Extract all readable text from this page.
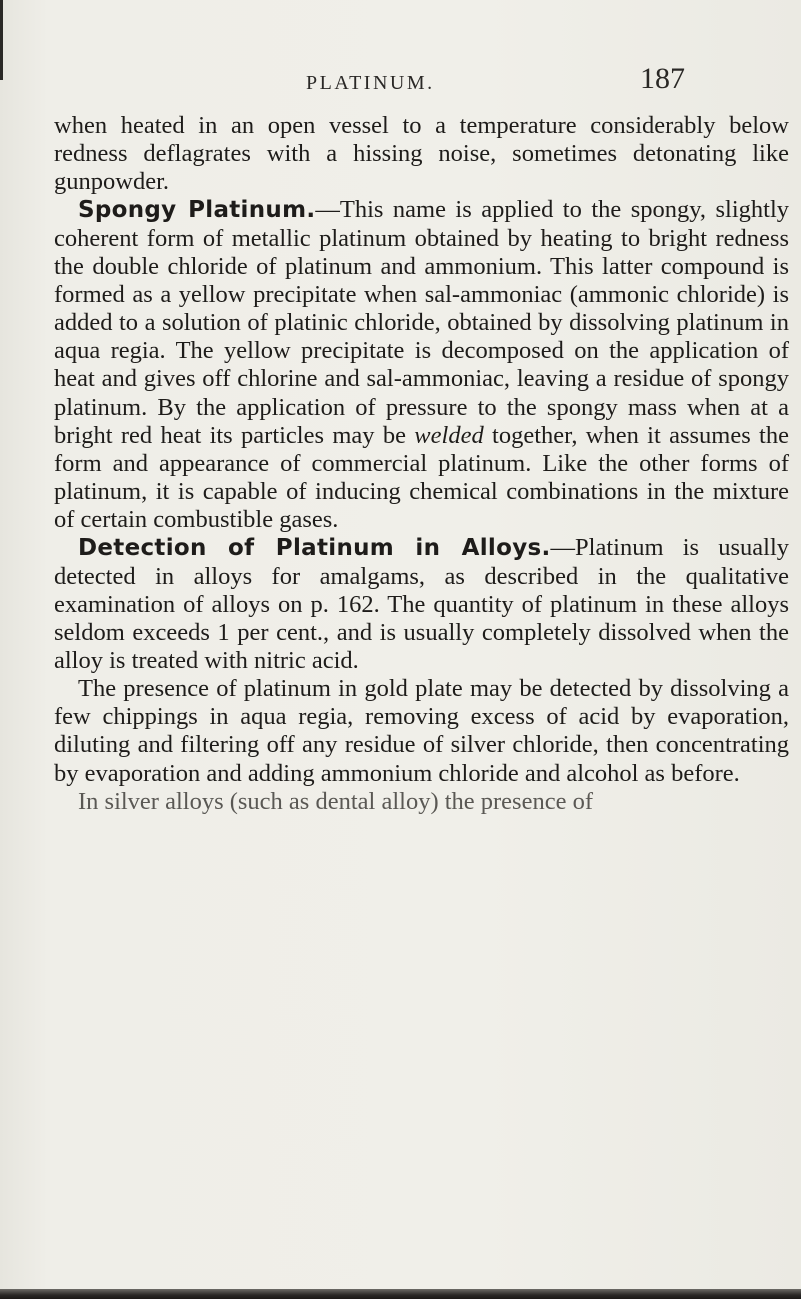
PLATINUM.	187

when heated in an open vessel to a temperature considerably below redness deflagrates with a hissing noise, sometimes detonating like gunpowder.

Spongy Platinum.—This name is applied to the spongy, slightly coherent form of metallic platinum obtained by heating to bright redness the double chloride of platinum and ammonium. This latter compound is formed as a yellow precipitate when sal-ammoniac (ammonic chloride) is added to a solution of platinic chloride, obtained by dissolving platinum in aqua regia. The yellow precipitate is decomposed on the application of heat and gives off chlorine and sal-ammoniac, leaving a residue of spongy platinum. By the application of pressure to the spongy mass when at a bright red heat its particles may be welded together, when it assumes the form and appearance of commercial platinum. Like the other forms of platinum, it is capable of inducing chemical combinations in the mixture of certain combustible gases.

Detection of Platinum in Alloys.—Platinum is usually detected in alloys for amalgams, as described in the qualitative examination of alloys on p. 162. The quantity of platinum in these alloys seldom exceeds 1 per cent., and is usually completely dissolved when the alloy is treated with nitric acid.

The presence of platinum in gold plate may be detected by dissolving a few chippings in aqua regia, removing excess of acid by evaporation, diluting and filtering off any residue of silver chloride, then concentrating by evaporation and adding ammonium chloride and alcohol as before.

In silver alloys (such as dental alloy) the presence of
